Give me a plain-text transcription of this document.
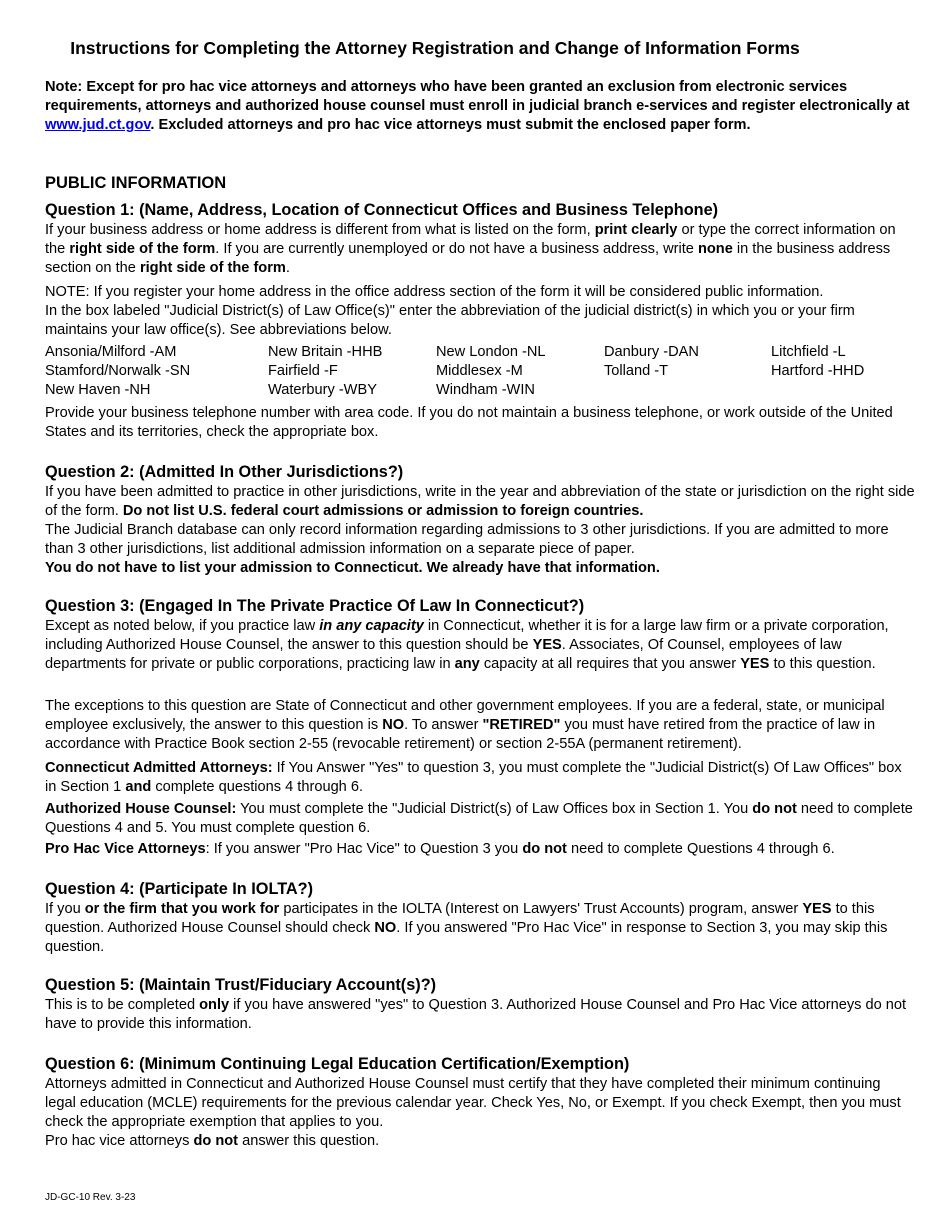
Instructions for Completing the Attorney Registration and Change of Information Forms

Note: Except for pro hac vice attorneys and attorneys who have been granted an exclusion from electronic services requirements, attorneys and authorized house counsel must enroll in judicial branch e-services and register electronically at www.jud.ct.gov. Excluded attorneys and pro hac vice attorneys must submit the enclosed paper form.

PUBLIC INFORMATION
Question 1: (Name, Address, Location of Connecticut Offices and Business Telephone)

If your business address or home address is different from what is listed on the form, print clearly or type the correct information on the right side of the form. If you are currently unemployed or do not have a business address, write none in the business address section on the right side of the form.

NOTE: If you register your home address in the office address section of the form it will be considered public information.
In the box labeled "Judicial District(s) of Law Office(s)" enter the abbreviation of the judicial district(s) in which you or your firm maintains your law office(s). See abbreviations below.

Ansonia/Milford -AM	New Britain -HHB	New London -NL	Danbury -DAN	Litchfield -L
Stamford/Norwalk -SN	Fairfield -F	Middlesex -M	Tolland -T	Hartford -HHD
New Haven -NH	Waterbury -WBY	Windham -WIN

Provide your business telephone number with area code. If you do not maintain a business telephone, or work outside of the United States and its territories, check the appropriate box.

Question 2: (Admitted In Other Jurisdictions?)

If you have been admitted to practice in other jurisdictions, write in the year and abbreviation of the state or jurisdiction on the right side of the form. Do not list U.S. federal court admissions or admission to foreign countries.
The Judicial Branch database can only record information regarding admissions to 3 other jurisdictions. If you are admitted to more than 3 other jurisdictions, list additional admission information on a separate piece of paper.
You do not have to list your admission to Connecticut. We already have that information.

Question 3: (Engaged In The Private Practice Of Law In Connecticut?)

Except as noted below, if you practice law in any capacity in Connecticut, whether it is for a large law firm or a private corporation, including Authorized House Counsel, the answer to this question should be YES. Associates, Of Counsel, employees of law departments for private or public corporations, practicing law in any capacity at all requires that you answer YES to this question.

The exceptions to this question are State of Connecticut and other government employees. If you are a federal, state, or municipal employee exclusively, the answer to this question is NO. To answer "RETIRED" you must have retired from the practice of law in accordance with Practice Book section 2-55 (revocable retirement) or section 2-55A (permanent retirement).

Connecticut Admitted Attorneys: If You Answer "Yes" to question 3, you must complete the "Judicial District(s) Of Law Offices" box in Section 1 and complete questions 4 through 6.

Authorized House Counsel: You must complete the "Judicial District(s) of Law Offices box in Section 1. You do not need to complete Questions 4 and 5. You must complete question 6.

Pro Hac Vice Attorneys: If you answer "Pro Hac Vice" to Question 3 you do not need to complete Questions 4 through 6.

Question 4: (Participate In IOLTA?)

If you or the firm that you work for participates in the IOLTA (Interest on Lawyers' Trust Accounts) program, answer YES to this question. Authorized House Counsel should check NO. If you answered "Pro Hac Vice" in response to Section 3, you may skip this question.

Question 5: (Maintain Trust/Fiduciary Account(s)?)

This is to be completed only if you have answered "yes" to Question 3. Authorized House Counsel and Pro Hac Vice attorneys do not have to provide this information.

Question 6: (Minimum Continuing Legal Education Certification/Exemption)

Attorneys admitted in Connecticut and Authorized House Counsel must certify that they have completed their minimum continuing legal education (MCLE) requirements for the previous calendar year. Check Yes, No, or Exempt. If you check Exempt, then you must check the appropriate exemption that applies to you.
Pro hac vice attorneys do not answer this question.

JD-GC-10 Rev. 3-23
